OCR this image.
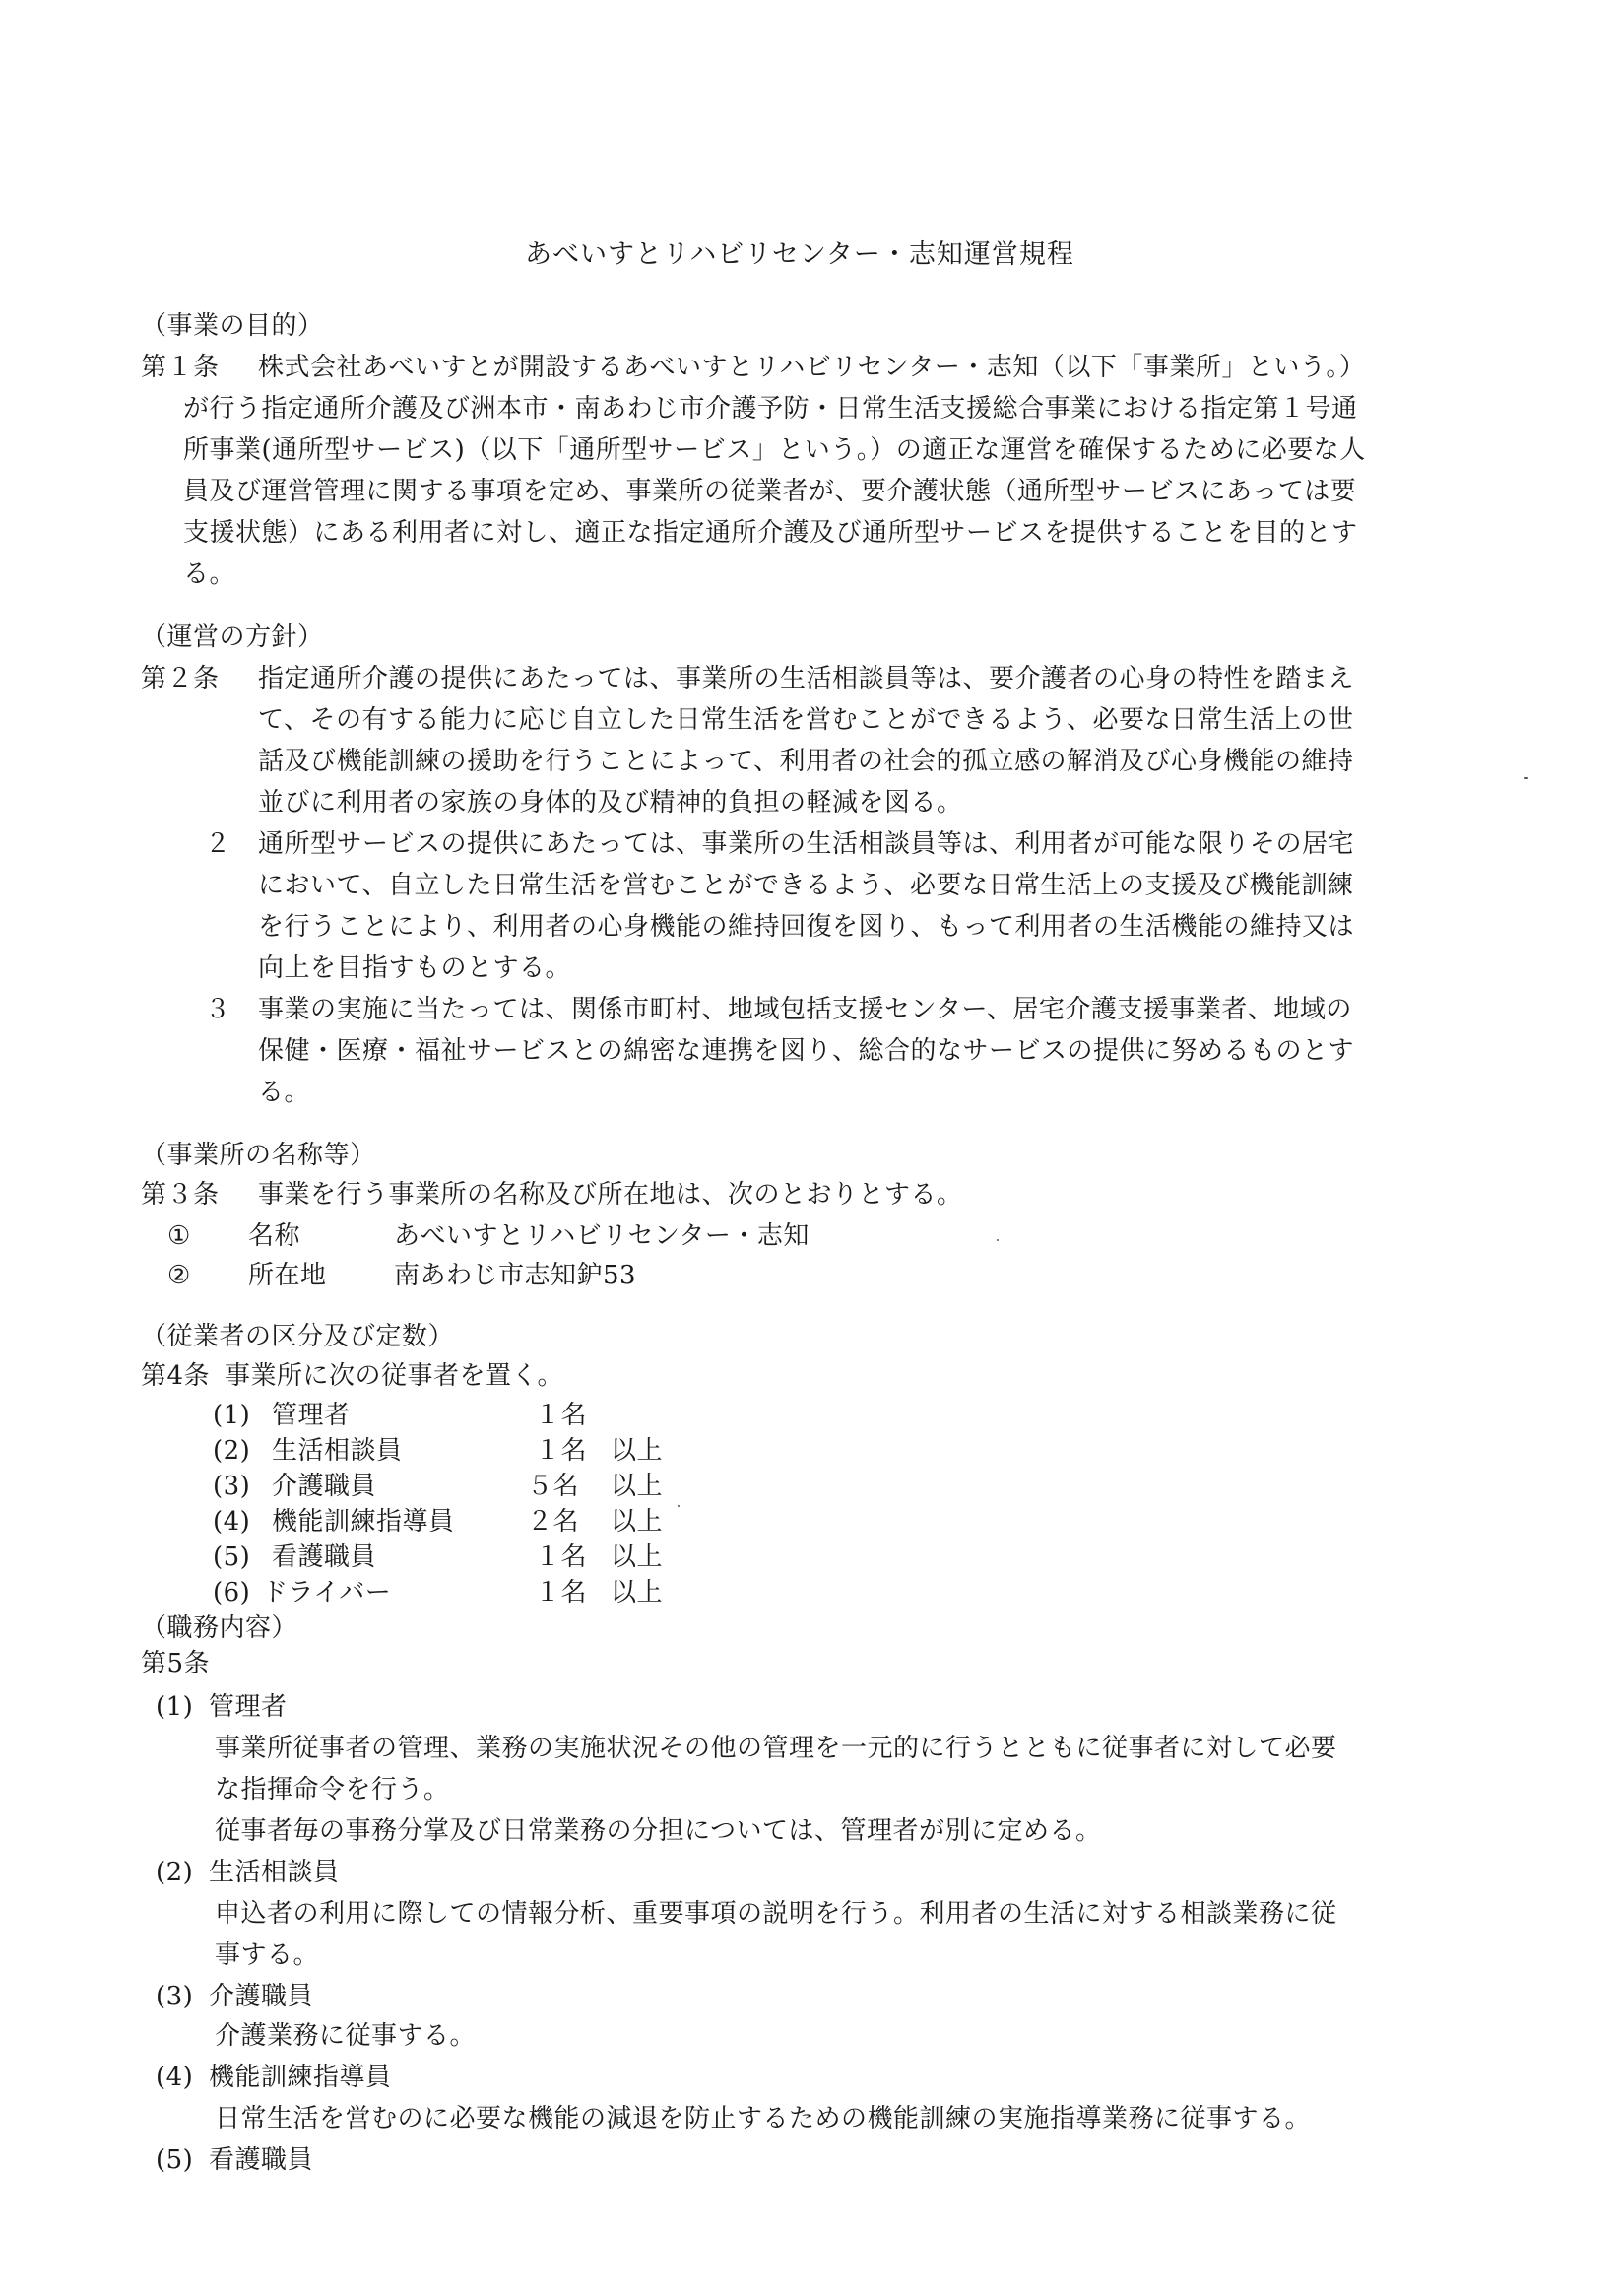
あべいすとリハビリセンター・志知運営規程
（事業の目的）
第１条 株式会社あべいすとが開設するあべいすとリハビリセンター・志知（以下「事業所」という。）
が行う指定通所介護及び洲本市・南あわじ市介護予防・日常生活支援総合事業における指定第１号通
所事業(通所型サービス)（以下「通所型サービス」という。）の適正な運営を確保するために必要な人
員及び運営管理に関する事項を定め、事業所の従業者が、要介護状態（通所型サービスにあっては要
支援状態）にある利用者に対し、適正な指定通所介護及び通所型サービスを提供することを目的とす
る。
（運営の方針）
第２条 指定通所介護の提供にあたっては、事業所の生活相談員等は、要介護者の心身の特性を踏まえ
て、その有する能力に応じ自立した日常生活を営むことができるよう、必要な日常生活上の世
話及び機能訓練の援助を行うことによって、利用者の社会的孤立感の解消及び心身機能の維持
並びに利用者の家族の身体的及び精神的負担の軽減を図る。
２ 通所型サービスの提供にあたっては、事業所の生活相談員等は、利用者が可能な限りその居宅
において、自立した日常生活を営むことができるよう、必要な日常生活上の支援及び機能訓練
を行うことにより、利用者の心身機能の維持回復を図り、もって利用者の生活機能の維持又は
向上を目指すものとする。
３ 事業の実施に当たっては、関係市町村、地域包括支援センター、居宅介護支援事業者、地域の
保健・医療・福祉サービスとの綿密な連携を図り、総合的なサービスの提供に努めるものとす
る。
（事業所の名称等）
第３条 事業を行う事業所の名称及び所在地は、次のとおりとする。
① 名称	あべいすとリハビリセンター・志知
② 所在地	南あわじ市志知鈩53
（従業者の区分及び定数）
第4条 事業所に次の従事者を置く。
(1) 管理者	１名
(2) 生活相談員	１名 以上
(3) 介護職員	５名 以上
(4) 機能訓練指導員	２名 以上
(5) 看護職員	１名 以上
(6) ドライバー	１名 以上
（職務内容）
第5条
(1) 管理者
事業所従事者の管理、業務の実施状況その他の管理を一元的に行うとともに従事者に対して必要
な指揮命令を行う。
従事者毎の事務分掌及び日常業務の分担については、管理者が別に定める。
(2) 生活相談員
申込者の利用に際しての情報分析、重要事項の説明を行う。利用者の生活に対する相談業務に従
事する。
(3) 介護職員
介護業務に従事する。
(4) 機能訓練指導員
日常生活を営むのに必要な機能の減退を防止するための機能訓練の実施指導業務に従事する。
(5) 看護職員
